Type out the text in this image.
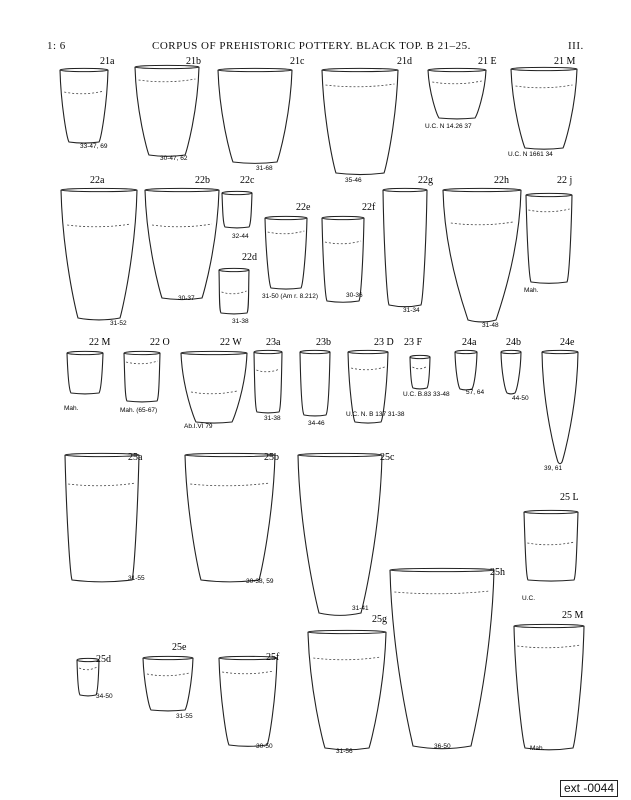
1: 6	CORPUS OF PREHISTORIC POTTERY. BLACK TOP. B 21–25.	III.
21a
33-47, 69
21b
30-47, 62
21c
31-68
21d
35-46
21 E
U.C. N 14.26 37
21 M
U.C. N 1661 34
22a
31-52
22b
30-37
22c
32-44
22d
31-38
22e
31-50 (Am r. 8.212)
22f
30-36
22g
31-34
22h
31-48
22 j
Mah.
22 M
Mah.
22 O
Mah. (65-67)
22 W
Ab.I.VI 79
23a
31-38
23b
34-46
23 D
U.C. N. B 137 31-38
23 F
U.C. B.83 33-48
24a
57, 64
24b
44-50
24e
39, 61
25a
31-55
25b
30-38, 59
25c
31-41
25 L
U.C.
25h
36-50
25d
34-50
25e
31-55
25f
30-50
25g
31-56
25 M
Mah.
ext -0044
